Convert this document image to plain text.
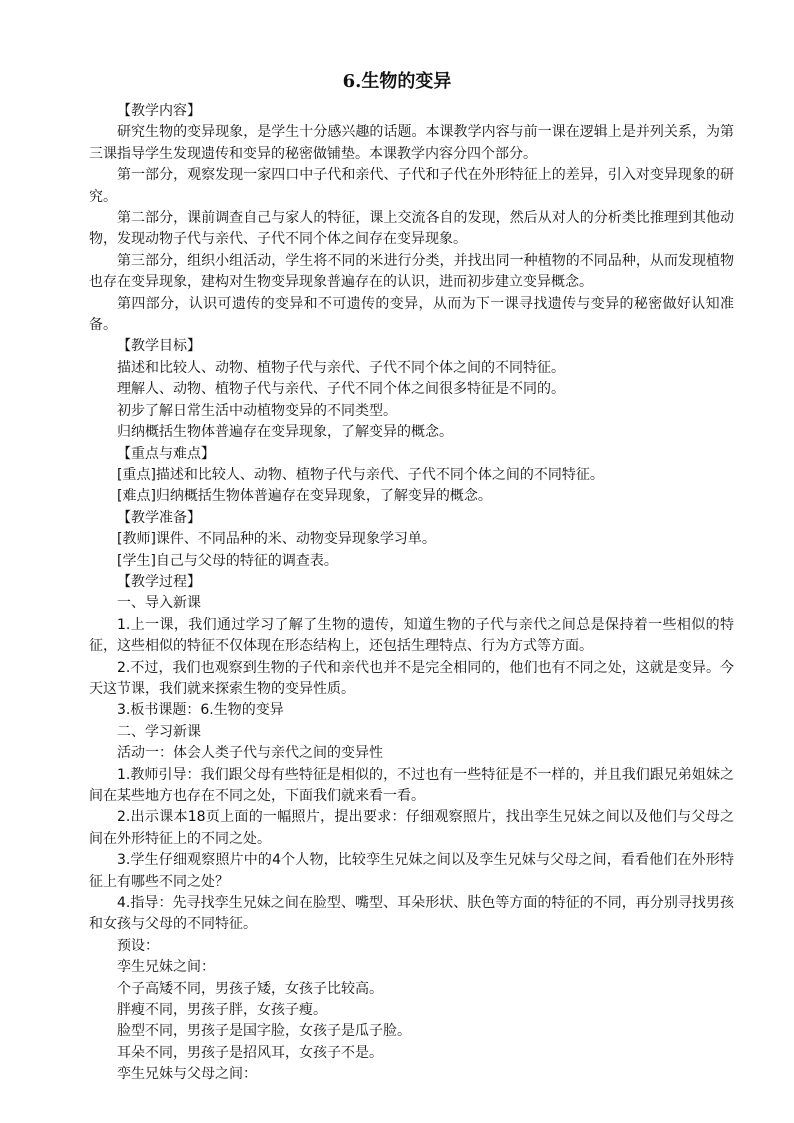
6.生物的变异

【教学内容】

研究生物的变异现象，是学生十分感兴趣的话题。本课教学内容与前一课在逻辑上是并列关系，为第三课指导学生发现遗传和变异的秘密做铺垫。本课教学内容分四个部分。

第一部分，观察发现一家四口中子代和亲代、子代和子代在外形特征上的差异，引入对变异现象的研究。

第二部分，课前调查自己与家人的特征，课上交流各自的发现，然后从对人的分析类比推理到其他动物，发现动物子代与亲代、子代不同个体之间存在变异现象。

第三部分，组织小组活动，学生将不同的米进行分类，并找出同一种植物的不同品种，从而发现植物也存在变异现象，建构对生物变异现象普遍存在的认识，进而初步建立变异概念。

第四部分，认识可遗传的变异和不可遗传的变异，从而为下一课寻找遗传与变异的秘密做好认知准备。

【教学目标】

描述和比较人、动物、植物子代与亲代、子代不同个体之间的不同特征。

理解人、动物、植物子代与亲代、子代不同个体之间很多特征是不同的。

初步了解日常生活中动植物变异的不同类型。

归纳概括生物体普遍存在变异现象，了解变异的概念。

【重点与难点】

[重点]描述和比较人、动物、植物子代与亲代、子代不同个体之间的不同特征。

[难点]归纳概括生物体普遍存在变异现象，了解变异的概念。

【教学准备】

[教师]课件、不同品种的米、动物变异现象学习单。

[学生]自己与父母的特征的调查表。

【教学过程】

一、导入新课

1.上一课，我们通过学习了解了生物的遗传，知道生物的子代与亲代之间总是保持着一些相似的特征，这些相似的特征不仅体现在形态结构上，还包括生理特点、行为方式等方面。

2.不过，我们也观察到生物的子代和亲代也并不是完全相同的，他们也有不同之处，这就是变异。今天这节课，我们就来探索生物的变异性质。

3.板书课题：6.生物的变异

二、学习新课

活动一：体会人类子代与亲代之间的变异性

1.教师引导：我们跟父母有些特征是相似的，不过也有一些特征是不一样的，并且我们跟兄弟姐妹之间在某些地方也存在不同之处，下面我们就来看一看。

2.出示课本18页上面的一幅照片，提出要求：仔细观察照片，找出孪生兄妹之间以及他们与父母之间在外形特征上的不同之处。

3.学生仔细观察照片中的4个人物，比较孪生兄妹之间以及孪生兄妹与父母之间，看看他们在外形特征上有哪些不同之处？

4.指导：先寻找孪生兄妹之间在脸型、嘴型、耳朵形状、肤色等方面的特征的不同，再分别寻找男孩和女孩与父母的不同特征。

预设：

孪生兄妹之间：

个子高矮不同，男孩子矮，女孩子比较高。

胖瘦不同，男孩子胖，女孩子瘦。

脸型不同，男孩子是国字脸，女孩子是瓜子脸。

耳朵不同，男孩子是招风耳，女孩子不是。

孪生兄妹与父母之间：
